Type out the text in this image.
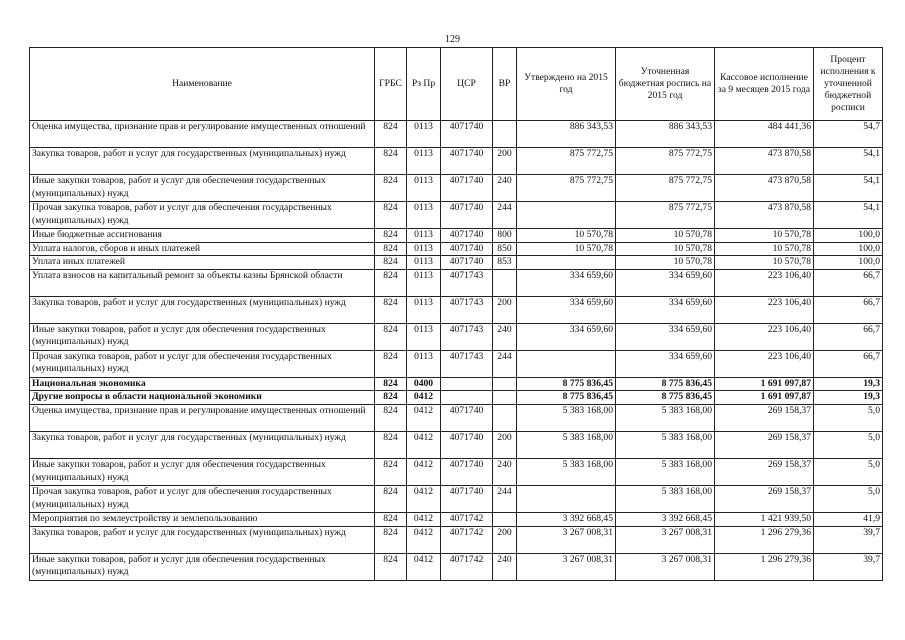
129
Наименование	ГРБС	Рз Пр	ЦСР	ВР	Утверждено на 2015 год	Уточненная бюджетная роспись на 2015 год	Кассовое исполнение за 9 месяцев 2015 года	Процент исполнения к уточненной бюджетной росписи
Оценка имущества, признание прав и регулирование имущественных отношений	824	0113	4071740		886 343,53	886 343,53	484 441,36	54,7
Закупка товаров, работ и услуг для государственных (муниципальных) нужд	824	0113	4071740	200	875 772,75	875 772,75	473 870,58	54,1
Иные закупки товаров, работ и услуг для обеспечения государственных (муниципальных) нужд	824	0113	4071740	240	875 772,75	875 772,75	473 870,58	54,1
Прочая закупка товаров, работ и услуг для обеспечения государственных (муниципальных) нужд	824	0113	4071740	244		875 772,75	473 870,58	54,1
Иные бюджетные ассигнования	824	0113	4071740	800	10 570,78	10 570,78	10 570,78	100,0
Уплата налогов, сборов и иных платежей	824	0113	4071740	850	10 570,78	10 570,78	10 570,78	100,0
Уплата иных платежей	824	0113	4071740	853		10 570,78	10 570,78	100,0
Уплата взносов на капитальный ремонт за объекты казны Брянской области	824	0113	4071743		334 659,60	334 659,60	223 106,40	66,7
Закупка товаров, работ и услуг для государственных (муниципальных) нужд	824	0113	4071743	200	334 659,60	334 659,60	223 106,40	66,7
Иные закупки товаров, работ и услуг для обеспечения государственных (муниципальных) нужд	824	0113	4071743	240	334 659,60	334 659,60	223 106,40	66,7
Прочая закупка товаров, работ и услуг для обеспечения государственных (муниципальных) нужд	824	0113	4071743	244		334 659,60	223 106,40	66,7
Национальная экономика	824	0400			8 775 836,45	8 775 836,45	1 691 097,87	19,3
Другие вопросы в области национальной экономики	824	0412			8 775 836,45	8 775 836,45	1 691 097,87	19,3
Оценка имущества, признание прав и регулирование имущественных отношений	824	0412	4071740		5 383 168,00	5 383 168,00	269 158,37	5,0
Закупка товаров, работ и услуг для государственных (муниципальных) нужд	824	0412	4071740	200	5 383 168,00	5 383 168,00	269 158,37	5,0
Иные закупки товаров, работ и услуг для обеспечения государственных (муниципальных) нужд	824	0412	4071740	240	5 383 168,00	5 383 168,00	269 158,37	5,0
Прочая закупка товаров, работ и услуг для обеспечения государственных (муниципальных) нужд	824	0412	4071740	244		5 383 168,00	269 158,37	5,0
Мероприятия по землеустройству и землепользованию	824	0412	4071742		3 392 668,45	3 392 668,45	1 421 939,50	41,9
Закупка товаров, работ и услуг для государственных (муниципальных) нужд	824	0412	4071742	200	3 267 008,31	3 267 008,31	1 296 279,36	39,7
Иные закупки товаров, работ и услуг для обеспечения государственных (муниципальных) нужд	824	0412	4071742	240	3 267 008,31	3 267 008,31	1 296 279,36	39,7
